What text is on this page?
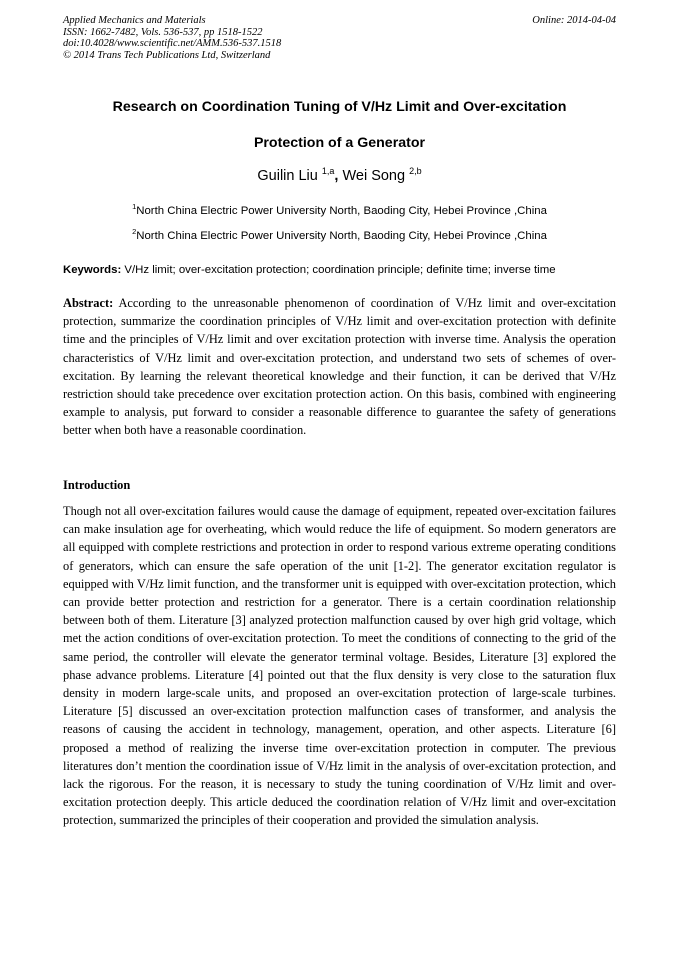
Applied Mechanics and Materials
ISSN: 1662-7482, Vols. 536-537, pp 1518-1522
doi:10.4028/www.scientific.net/AMM.536-537.1518
© 2014 Trans Tech Publications Ltd, Switzerland
Online: 2014-04-04
Research on Coordination Tuning of V/Hz Limit and Over-excitation
Protection of a Generator
Guilin Liu $^{1,a}$, Wei Song $^{2,b}$
$^1$North China Electric Power University North, Baoding City, Hebei Province ,China
$^2$North China Electric Power University North, Baoding City, Hebei Province ,China
Keywords: V/Hz limit; over-excitation protection; coordination principle; definite time; inverse time
Abstract: According to the unreasonable phenomenon of coordination of V/Hz limit and over-excitation protection, summarize the coordination principles of V/Hz limit and over-excitation protection with definite time and the principles of V/Hz limit and over excitation protection with inverse time. Analysis the operation characteristics of V/Hz limit and over-excitation protection, and understand two sets of schemes of over-excitation. By learning the relevant theoretical knowledge and their function, it can be derived that V/Hz restriction should take precedence over excitation protection action. On this basis, combined with engineering example to analysis, put forward to consider a reasonable difference to guarantee the safety of generations better when both have a reasonable coordination.
Introduction
Though not all over-excitation failures would cause the damage of equipment, repeated over-excitation failures can make insulation age for overheating, which would reduce the life of equipment. So modern generators are all equipped with complete restrictions and protection in order to respond various extreme operating conditions of generators, which can ensure the safe operation of the unit [1-2]. The generator excitation regulator is equipped with V/Hz limit function, and the transformer unit is equipped with over-excitation protection, which can provide better protection and restriction for a generator. There is a certain coordination relationship between both of them. Literature [3] analyzed protection malfunction caused by over high grid voltage, which met the action conditions of over-excitation protection. To meet the conditions of connecting to the grid of the same period, the controller will elevate the generator terminal voltage. Besides, Literature [3] explored the phase advance problems. Literature [4] pointed out that the flux density is very close to the saturation flux density in modern large-scale units, and proposed an over-excitation protection of large-scale turbines. Literature [5] discussed an over-excitation protection malfunction cases of transformer, and analysis the reasons of causing the accident in technology, management, operation, and other aspects. Literature [6] proposed a method of realizing the inverse time over-excitation protection in computer. The previous literatures don’t mention the coordination issue of V/Hz limit in the analysis of over-excitation protection, and lack the rigorous. For the reason, it is necessary to study the tuning coordination of V/Hz limit and over-excitation protection deeply. This article deduced the coordination relation of V/Hz limit and over-excitation protection, summarized the principles of their cooperation and provided the simulation analysis.
